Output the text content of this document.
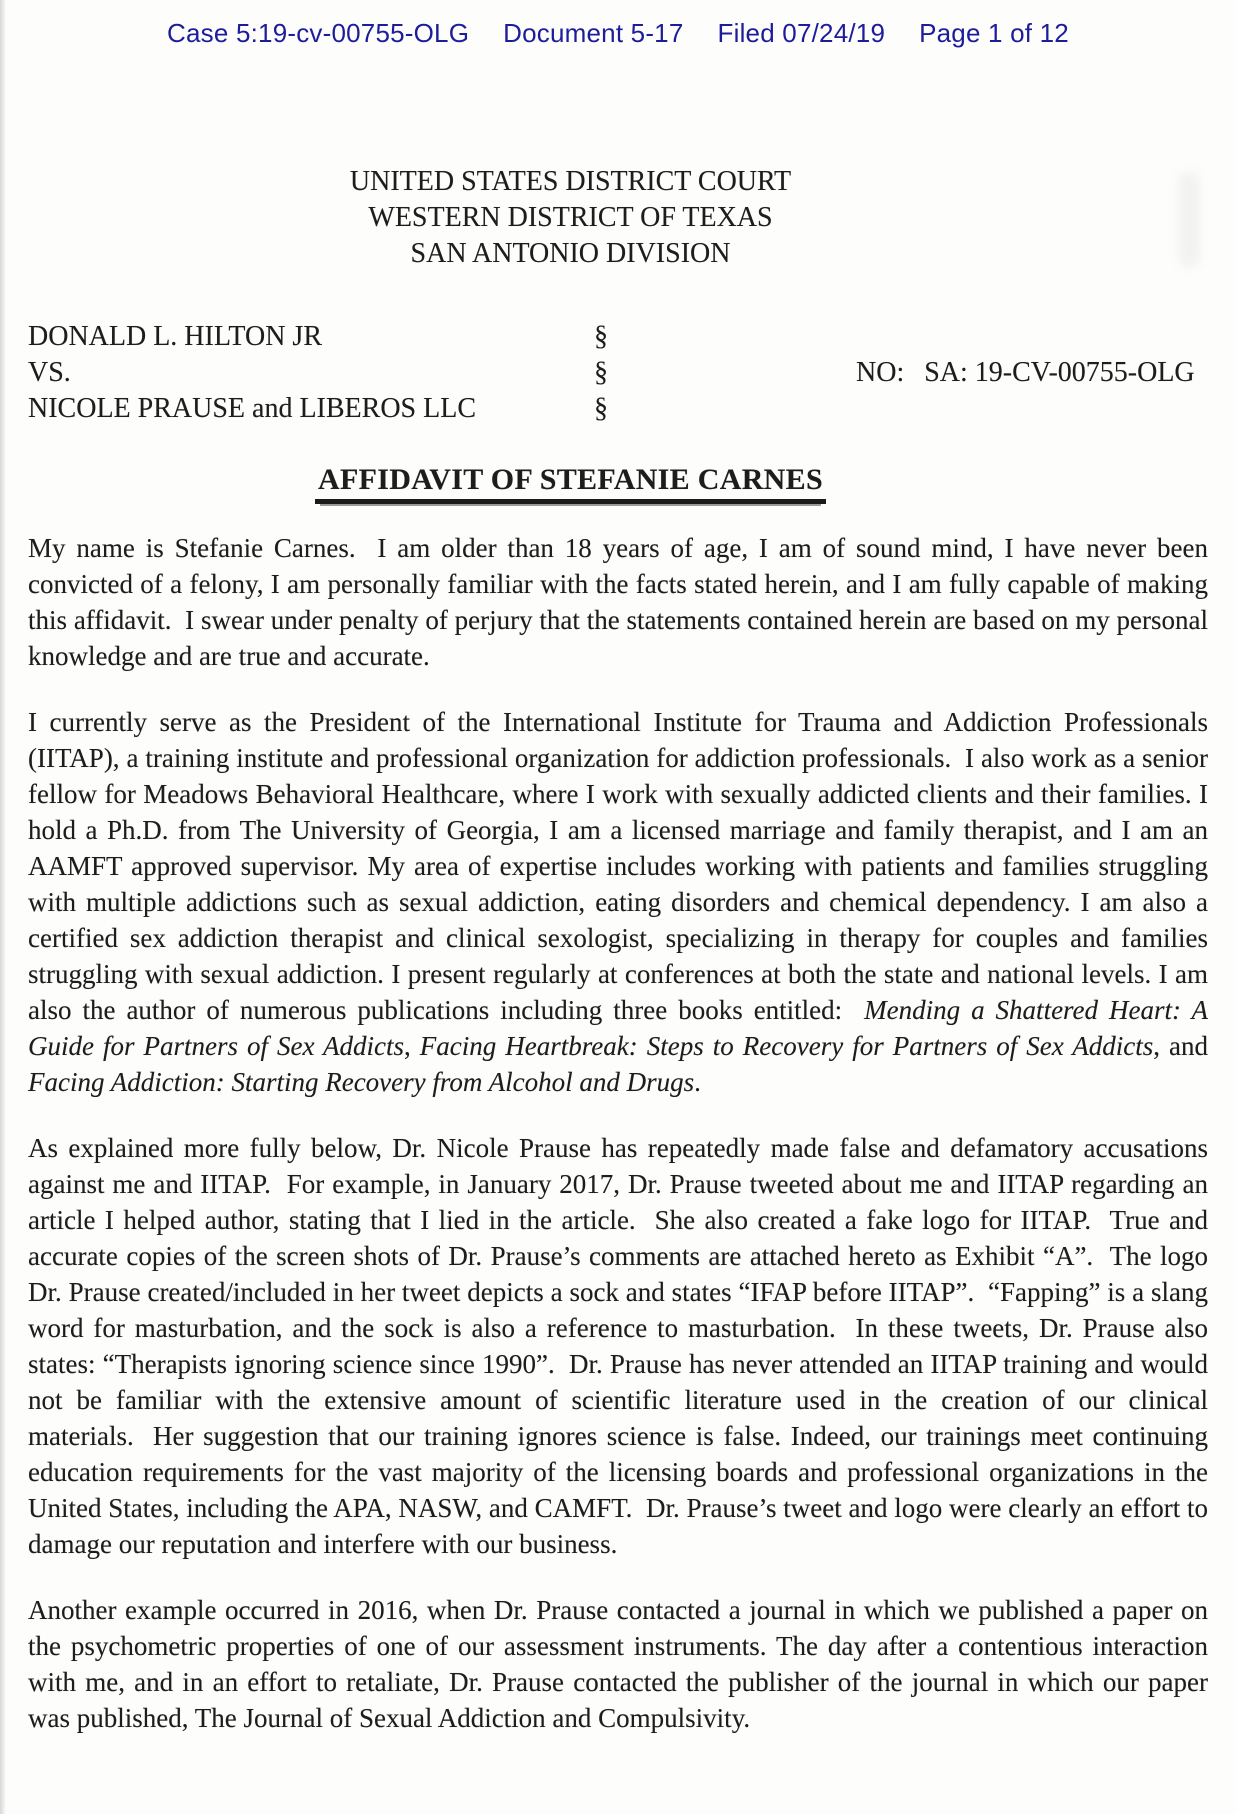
Case 5:19-cv-00755-OLG Document 5-17 Filed 07/24/19 Page 1 of 12
UNITED STATES DISTRICT COURT
WESTERN DISTRICT OF TEXAS
SAN ANTONIO DIVISION
DONALD L. HILTON JR	§
VS.	§	NO: SA: 19-CV-00755-OLG
NICOLE PRAUSE and LIBEROS LLC	§
AFFIDAVIT OF STEFANIE CARNES

My name is Stefanie Carnes.  I am older than 18 years of age, I am of sound mind, I have never been convicted of a felony, I am personally familiar with the facts stated herein, and I am fully capable of making this affidavit.  I swear under penalty of perjury that the statements contained herein are based on my personal knowledge and are true and accurate.

I currently serve as the President of the International Institute for Trauma and Addiction Professionals (IITAP), a training institute and professional organization for addiction professionals.  I also work as a senior fellow for Meadows Behavioral Healthcare, where I work with sexually addicted clients and their families. I hold a Ph.D. from The University of Georgia, I am a licensed marriage and family therapist, and I am an AAMFT approved supervisor. My area of expertise includes working with patients and families struggling with multiple addictions such as sexual addiction, eating disorders and chemical dependency. I am also a certified sex addiction therapist and clinical sexologist, specializing in therapy for couples and families struggling with sexual addiction. I present regularly at conferences at both the state and national levels. I am also the author of numerous publications including three books entitled:  Mending a Shattered Heart: A Guide for Partners of Sex Addicts, Facing Heartbreak: Steps to Recovery for Partners of Sex Addicts, and Facing Addiction: Starting Recovery from Alcohol and Drugs.

As explained more fully below, Dr. Nicole Prause has repeatedly made false and defamatory accusations against me and IITAP.  For example, in January 2017, Dr. Prause tweeted about me and IITAP regarding an article I helped author, stating that I lied in the article.  She also created a fake logo for IITAP.  True and accurate copies of the screen shots of Dr. Prause’s comments are attached hereto as Exhibit “A”.  The logo Dr. Prause created/included in her tweet depicts a sock and states “IFAP before IITAP”.  “Fapping” is a slang word for masturbation, and the sock is also a reference to masturbation.  In these tweets, Dr. Prause also states: “Therapists ignoring science since 1990”.  Dr. Prause has never attended an IITAP training and would not be familiar with the extensive amount of scientific literature used in the creation of our clinical materials.  Her suggestion that our training ignores science is false. Indeed, our trainings meet continuing education requirements for the vast majority of the licensing boards and professional organizations in the United States, including the APA, NASW, and CAMFT.  Dr. Prause’s tweet and logo were clearly an effort to damage our reputation and interfere with our business.

Another example occurred in 2016, when Dr. Prause contacted a journal in which we published a paper on the psychometric properties of one of our assessment instruments. The day after a contentious interaction with me, and in an effort to retaliate, Dr. Prause contacted the publisher of the journal in which our paper was published, The Journal of Sexual Addiction and Compulsivity.
